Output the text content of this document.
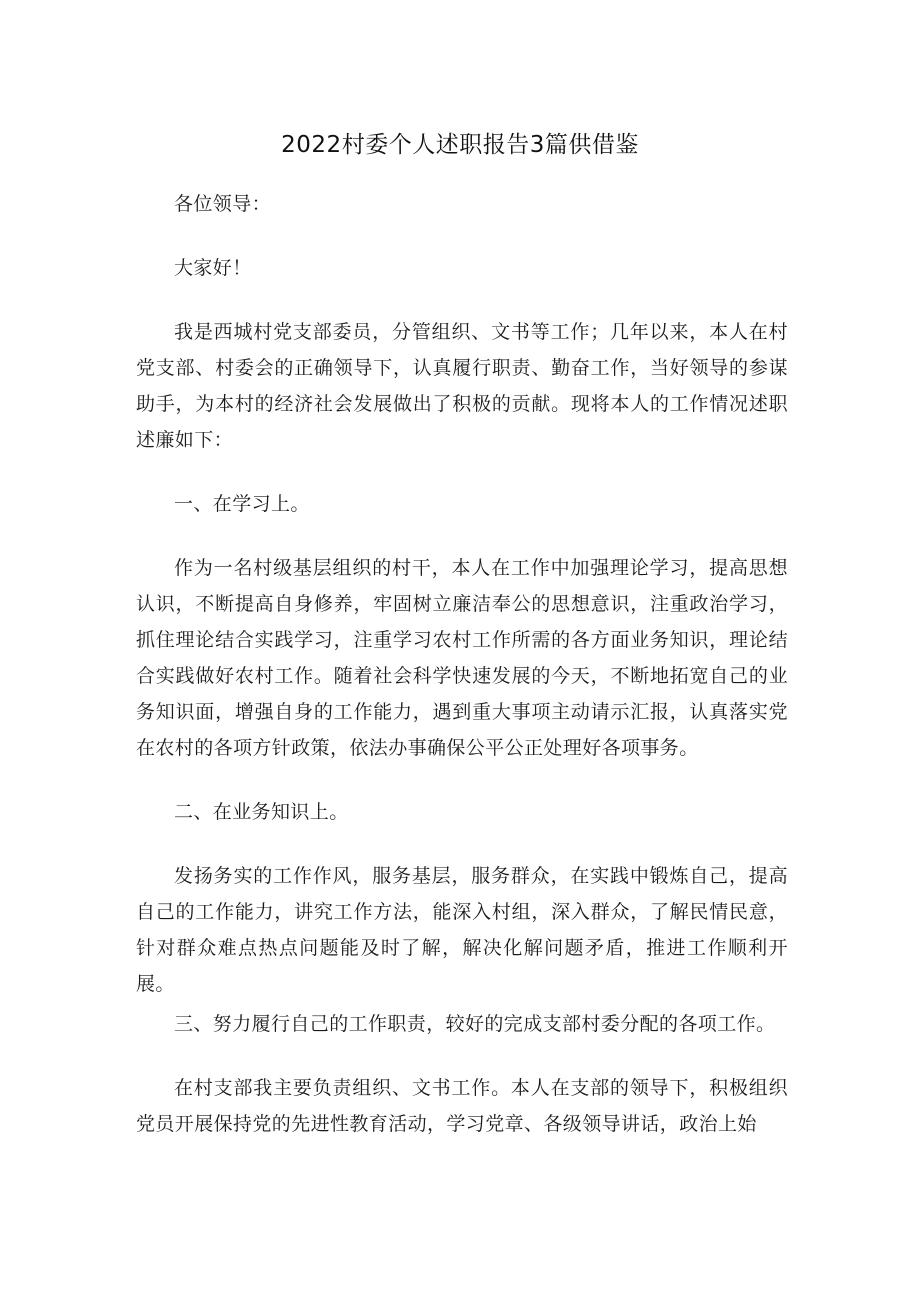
2022村委个人述职报告3篇供借鉴

各位领导：

大家好！

我是西城村党支部委员，分管组织、文书等工作；几年以来，本人在村党支部、村委会的正确领导下，认真履行职责、勤奋工作，当好领导的参谋助手，为本村的经济社会发展做出了积极的贡献。现将本人的工作情况述职述廉如下：

一、在学习上。

作为一名村级基层组织的村干，本人在工作中加强理论学习，提高思想认识，不断提高自身修养，牢固树立廉洁奉公的思想意识，注重政治学习，抓住理论结合实践学习，注重学习农村工作所需的各方面业务知识，理论结合实践做好农村工作。随着社会科学快速发展的今天，不断地拓宽自己的业务知识面，增强自身的工作能力，遇到重大事项主动请示汇报，认真落实党在农村的各项方针政策，依法办事确保公平公正处理好各项事务。

二、在业务知识上。

发扬务实的工作作风，服务基层，服务群众，在实践中锻炼自己，提高自己的工作能力，讲究工作方法，能深入村组，深入群众，了解民情民意，针对群众难点热点问题能及时了解，解决化解问题矛盾，推进工作顺利开展。

三、努力履行自己的工作职责，较好的完成支部村委分配的各项工作。

在村支部我主要负责组织、文书工作。本人在支部的领导下，积极组织党员开展保持党的先进性教育活动，学习党章、各级领导讲话，政治上始
